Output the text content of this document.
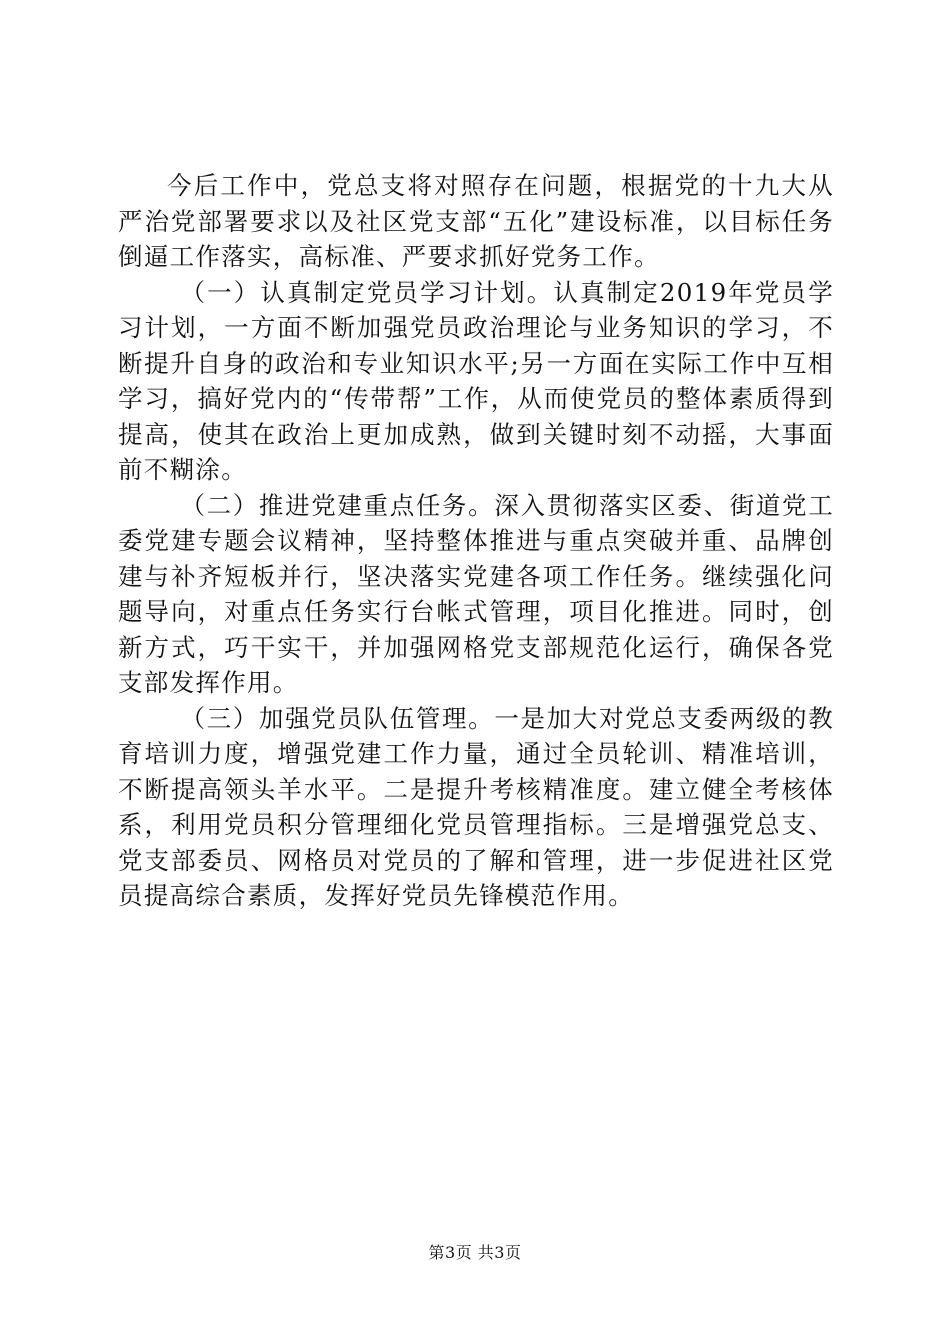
今后工作中，党总支将对照存在问题，根据党的十九大从严治党部署要求以及社区党支部“五化”建设标准，以目标任务倒逼工作落实，高标准、严要求抓好党务工作。

（一）认真制定党员学习计划。认真制定2019年党员学习计划，一方面不断加强党员政治理论与业务知识的学习，不断提升自身的政治和专业知识水平;另一方面在实际工作中互相学习，搞好党内的“传带帮”工作，从而使党员的整体素质得到提高，使其在政治上更加成熟，做到关键时刻不动摇，大事面前不糊涂。

（二）推进党建重点任务。深入贯彻落实区委、街道党工委党建专题会议精神，坚持整体推进与重点突破并重、品牌创建与补齐短板并行，坚决落实党建各项工作任务。继续强化问题导向，对重点任务实行台帐式管理，项目化推进。同时，创新方式，巧干实干，并加强网格党支部规范化运行，确保各党支部发挥作用。

（三）加强党员队伍管理。一是加大对党总支委两级的教育培训力度，增强党建工作力量，通过全员轮训、精准培训，不断提高领头羊水平。二是提升考核精准度。建立健全考核体系，利用党员积分管理细化党员管理指标。三是增强党总支、党支部委员、网格员对党员的了解和管理，进一步促进社区党员提高综合素质，发挥好党员先锋模范作用。

第3页 共3页
